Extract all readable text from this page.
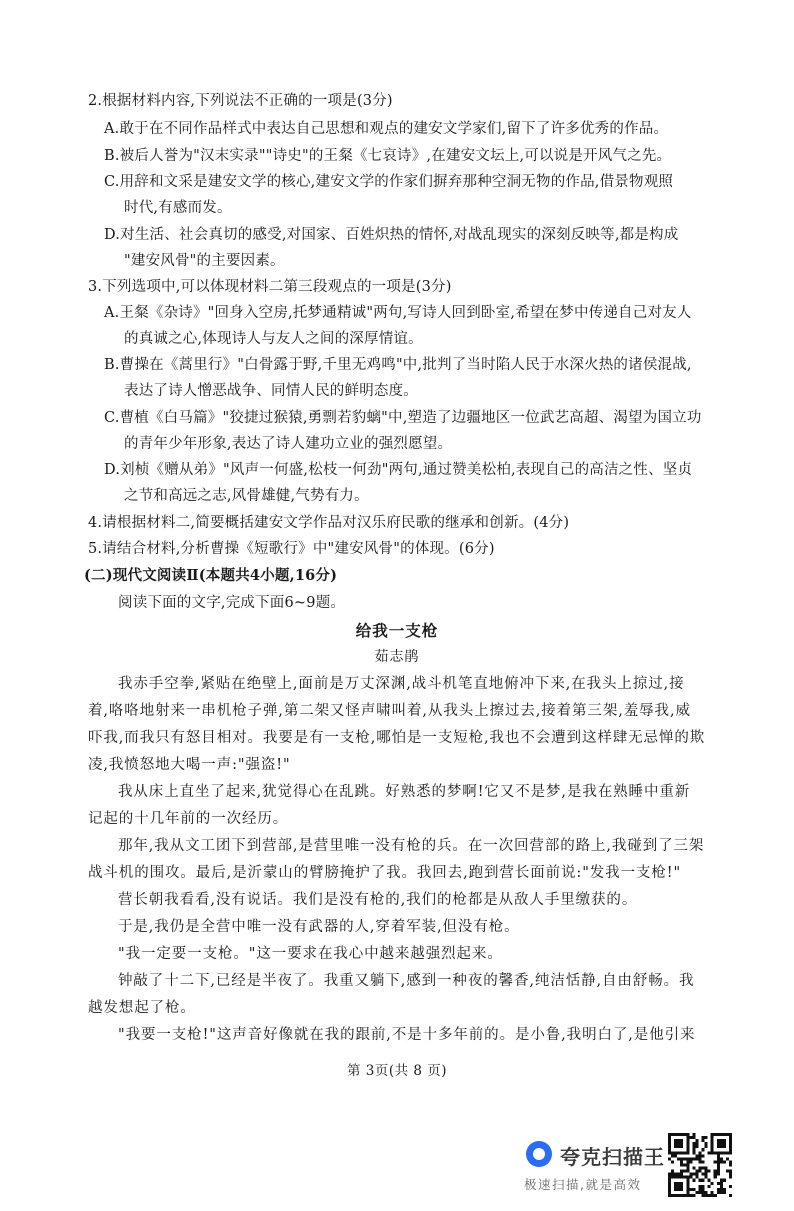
2.根据材料内容,下列说法不正确的一项是(3分)
A.敢于在不同作品样式中表达自己思想和观点的建安文学家们,留下了许多优秀的作品。
B.被后人誉为"汉末实录""诗史"的王粲《七哀诗》,在建安文坛上,可以说是开风气之先。
C.用辞和文采是建安文学的核心,建安文学的作家们摒弃那种空洞无物的作品,借景物观照
时代,有感而发。
D.对生活、社会真切的感受,对国家、百姓炽热的情怀,对战乱现实的深刻反映等,都是构成
"建安风骨"的主要因素。
3.下列选项中,可以体现材料二第三段观点的一项是(3分)
A.王粲《杂诗》"回身入空房,托梦通精诚"两句,写诗人回到卧室,希望在梦中传递自己对友人
的真诚之心,体现诗人与友人之间的深厚情谊。
B.曹操在《蒿里行》"白骨露于野,千里无鸡鸣"中,批判了当时陷人民于水深火热的诸侯混战,
表达了诗人憎恶战争、同情人民的鲜明态度。
C.曹植《白马篇》"狡捷过猴猿,勇剽若豹螭"中,塑造了边疆地区一位武艺高超、渴望为国立功
的青年少年形象,表达了诗人建功立业的强烈愿望。
D.刘桢《赠从弟》"风声一何盛,松枝一何劲"两句,通过赞美松柏,表现自己的高洁之性、坚贞
之节和高远之志,风骨雄健,气势有力。
4.请根据材料二,简要概括建安文学作品对汉乐府民歌的继承和创新。(4分)
5.请结合材料,分析曹操《短歌行》中"建安风骨"的体现。(6分)
(二)现代文阅读Ⅱ(本题共4小题,16分)
阅读下面的文字,完成下面6~9题。
给我一支枪
茹志鹃
我赤手空拳,紧贴在绝壁上,面前是万丈深渊,战斗机笔直地俯冲下来,在我头上掠过,接
着,咯咯地射来一串机枪子弹,第二架又怪声啸叫着,从我头上擦过去,接着第三架,羞辱我,威
吓我,而我只有怒目相对。我要是有一支枪,哪怕是一支短枪,我也不会遭到这样肆无忌惮的欺
凌,我愤怒地大喝一声:"强盗!"
我从床上直坐了起来,犹觉得心在乱跳。好熟悉的梦啊!它又不是梦,是我在熟睡中重新
记起的十几年前的一次经历。
那年,我从文工团下到营部,是营里唯一没有枪的兵。在一次回营部的路上,我碰到了三架
战斗机的围攻。最后,是沂蒙山的臂膀掩护了我。我回去,跑到营长面前说:"发我一支枪!"
营长朝我看看,没有说话。我们是没有枪的,我们的枪都是从敌人手里缴获的。
于是,我仍是全营中唯一没有武器的人,穿着军装,但没有枪。
"我一定要一支枪。"这一要求在我心中越来越强烈起来。
钟敲了十二下,已经是半夜了。我重又躺下,感到一种夜的馨香,纯洁恬静,自由舒畅。我
越发想起了枪。
"我要一支枪!"这声音好像就在我的跟前,不是十多年前的。是小鲁,我明白了,是他引来
第 3页(共 8 页)
夸克扫描王
极速扫描,就是高效
